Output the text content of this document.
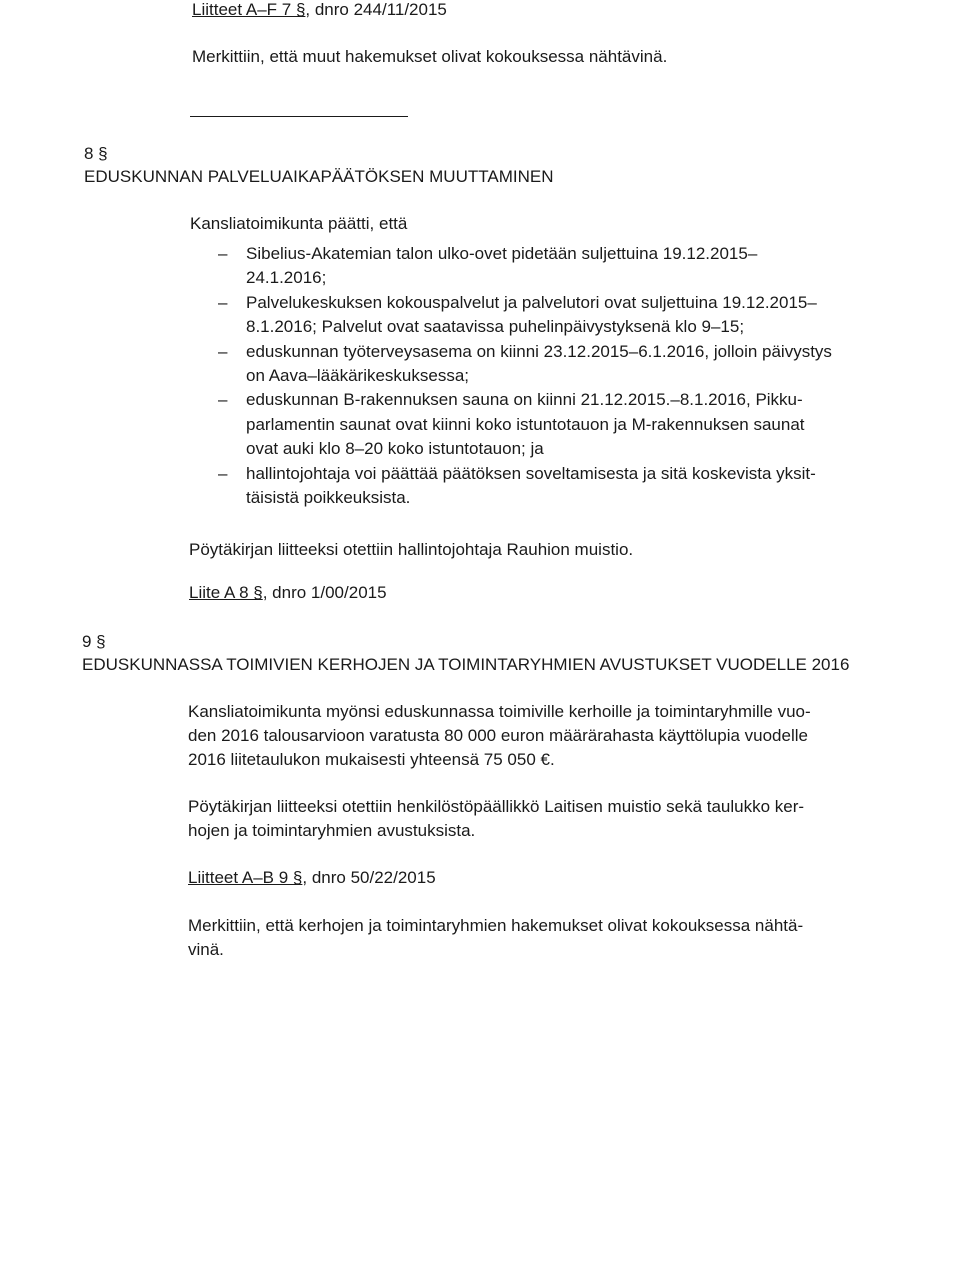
Liitteet A–F 7 §, dnro 244/11/2015
Merkittiin, että muut hakemukset olivat kokouksessa nähtävinä.
8 §
EDUSKUNNAN PALVELUAIKAPÄÄTÖKSEN MUUTTAMINEN
Kansliatoimikunta päätti, että
– Sibelius-Akatemian talon ulko-ovet pidetään suljettuina 19.12.2015–
24.1.2016;
– Palvelukeskuksen kokouspalvelut ja palvelutori ovat suljettuina 19.12.2015–
8.1.2016; Palvelut ovat saatavissa puhelinpäivystyksenä klo 9–15;
– eduskunnan työterveysasema on kiinni 23.12.2015–6.1.2016, jolloin päivystys
on Aava–lääkärikeskuksessa;
– eduskunnan B-rakennuksen sauna on kiinni 21.12.2015.–8.1.2016, Pikku-
parlamentin saunat ovat kiinni koko istuntotauon ja M-rakennuksen saunat
ovat auki klo 8–20 koko istuntotauon; ja
– hallintojohtaja voi päättää päätöksen soveltamisesta ja sitä koskevista yksit-
täisistä poikkeuksista.
Pöytäkirjan liitteeksi otettiin hallintojohtaja Rauhion muistio.
Liite A 8 §, dnro 1/00/2015
9 §
EDUSKUNNASSA TOIMIVIEN KERHOJEN JA TOIMINTARYHMIEN AVUSTUKSET VUODELLE 2016
Kansliatoimikunta myönsi eduskunnassa toimiville kerhoille ja toimintaryhmille vuo-
den 2016 talousarvioon varatusta 80 000 euron määrärahasta käyttölupia vuodelle
2016 liitetaulukon mukaisesti yhteensä 75 050 €.
Pöytäkirjan liitteeksi otettiin henkilöstöpäällikkö Laitisen muistio sekä taulukko ker-
hojen ja toimintaryhmien avustuksista.
Liitteet A–B 9 §, dnro 50/22/2015
Merkittiin, että kerhojen ja toimintaryhmien hakemukset olivat kokouksessa nähtä-
vinä.
